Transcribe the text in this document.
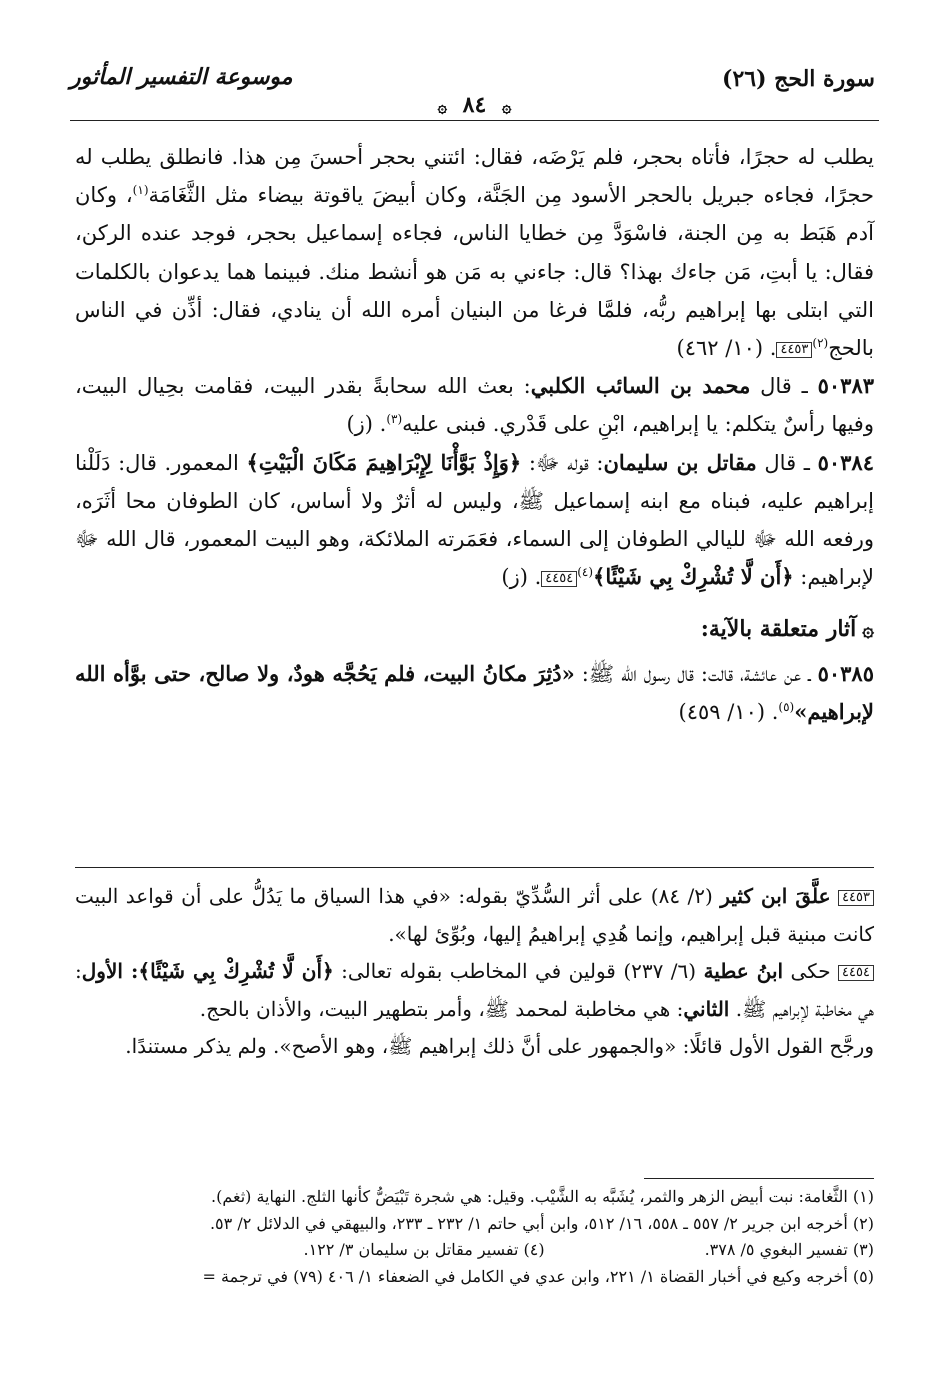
سورة الحج (٢٦)
موسوعة التفسير المأثور
۞ ٨٤ ۞

يطلب له حجرًا، فأتاه بحجر، فلم يَرْضَه، فقال: ائتني بحجر أحسنَ مِن هذا. فانطلق يطلب له حجرًا، فجاءه جبريل بالحجر الأسود مِن الجَنَّة، وكان أبيضَ ياقوتة بيضاء مثل الثَّغَامَة$^{(١)}$، وكان آدم هَبَط به مِن الجنة، فاسْوَدَّ مِن خطايا الناس، فجاءه إسماعيل بحجر، فوجد عنده الركن، فقال: يا أبتِ، مَن جاءك بهذا؟ قال: جاءني به مَن هو أنشط منك. فبينما هما يدعوان بالكلمات التي ابتلى بها إبراهيم ربُّه، فلمَّا فرغا من البنيان أمره الله أن ينادي، فقال: أذِّن في الناس بالحج$^{(٢)}$٤٤٥٣. (١٠/ ٤٦٢)

٥٠٣٨٣ ـ قال محمد بن السائب الكلبي: بعث الله سحابةً بقدر البيت، فقامت بحِيال البيت، وفيها رأسٌ يتكلم: يا إبراهيم، ابْنِ على قَدْري. فبنى عليه$^{(٣)}$. (ز)

٥٠٣٨٤ ـ قال مقاتل بن سليمان: قوله ﷻ: ﴿وَإِذْ بَوَّأْنَا لِإِبْرَاهِيمَ مَكَانَ الْبَيْتِ﴾ المعمور. قال: دَلَلْنا إبراهيم عليه، فبناه مع ابنه إسماعيل ﷺ، وليس له أثرٌ ولا أساس، كان الطوفان محا أثَرَه، ورفعه الله ﷻ لليالي الطوفان إلى السماء، فعَمَرته الملائكة، وهو البيت المعمور، قال الله ﷻ لإبراهيم: ﴿أَن لَّا تُشْرِكْ بِي شَيْئًا﴾$^{(٤)}$٤٤٥٤. (ز)

۞آثار متعلقة بالآية:

٥٠٣٨٥ ـ عن عائشة، قالت: قال رسول الله ﷺ: «دُثِرَ مكانُ البيت، فلم يَحُجَّه هودٌ، ولا صالح، حتى بوَّأه الله لإبراهيم»$^{(٥)}$. (١٠/ ٤٥٩)

٤٤٥٣ علَّقَ ابن كثير (٢/ ٨٤) على أثر السُّدِّيّ بقوله: «في هذا السياق ما يَدُلُّ على أن قواعد البيت كانت مبنية قبل إبراهيم، وإنما هُدِي إبراهيمُ إليها، وبُوِّئ لها».

٤٤٥٤ حكى ابنُ عطية (٦/ ٢٣٧) قولين في المخاطب بقوله تعالى: ﴿أَن لَّا تُشْرِكْ بِي شَيْئًا﴾: الأول: هي مخاطبة لإبراهيم ﷺ. الثاني: هي مخاطبة لمحمد ﷺ، وأمر بتطهير البيت، والأذان بالحج.

ورجَّح القول الأول قائلًا: «والجمهور على أنَّ ذلك إبراهيم ﷺ، وهو الأصح». ولم يذكر مستندًا.

(١) الثَّغامة: نبت أبيض الزهر والثمر، يُشَبَّه به الشَّيْب. وقيل: هي شجرة تَبْيَضُّ كأنها الثلج. النهاية (ثغم).

(٢) أخرجه ابن جرير ٢/ ٥٥٧ ـ ٥٥٨، ١٦/ ٥١٢، وابن أبي حاتم ١/ ٢٣٢ ـ ٢٣٣، والبيهقي في الدلائل ٢/ ٥٣.

(٣) تفسير البغوي ٥/ ٣٧٨.
(٤) تفسير مقاتل بن سليمان ٣/ ١٢٢.

(٥) أخرجه وكيع في أخبار القضاة ١/ ٢٢١، وابن عدي في الكامل في الضعفاء ١/ ٤٠٦ (٧٩) في ترجمة =
